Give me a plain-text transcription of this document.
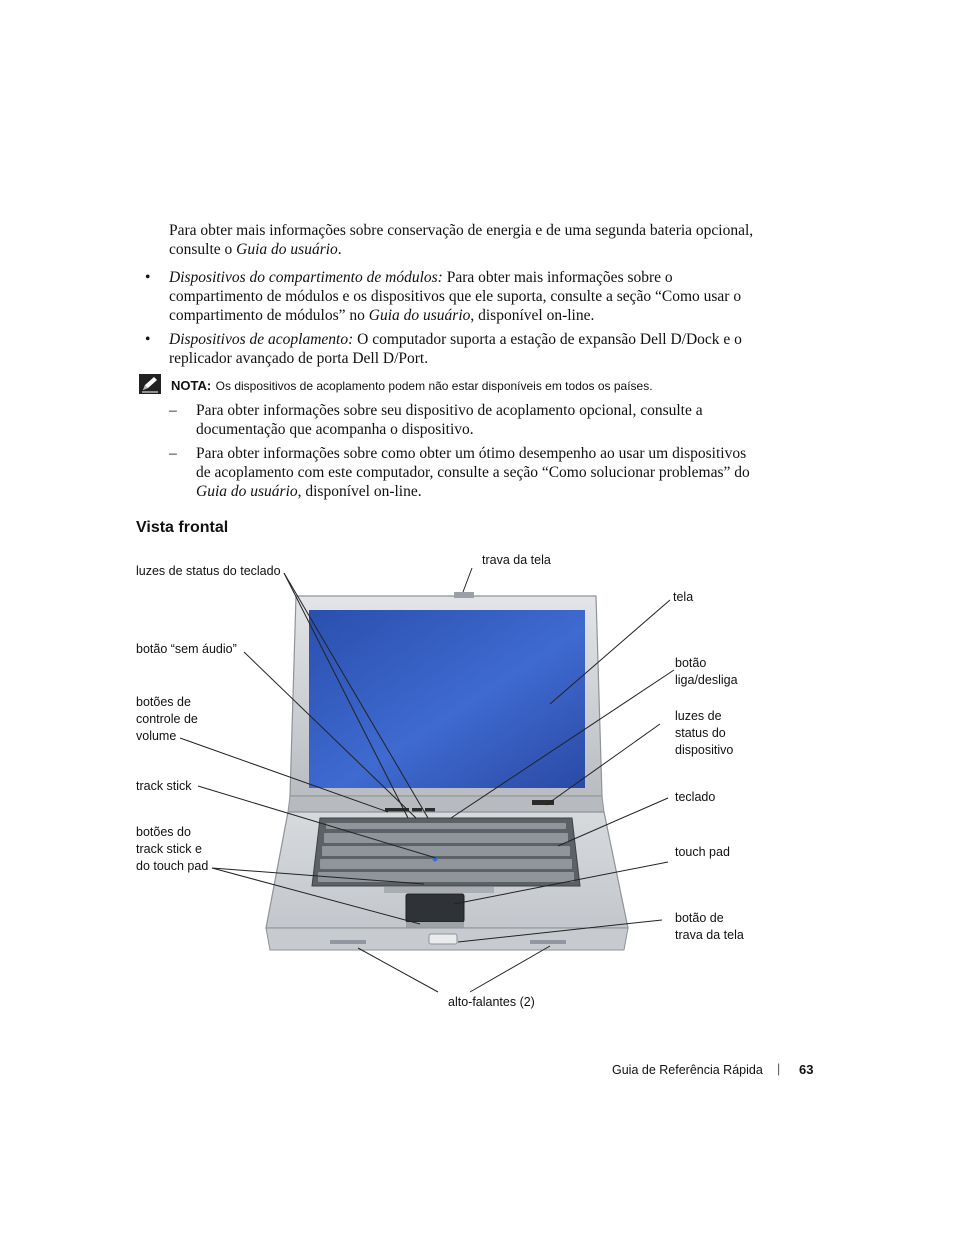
Para obter mais informações sobre conservação de energia e de uma segunda bateria opcional,
consulte o Guia do usuário.
• Dispositivos do compartimento de módulos: Para obter mais informações sobre o
compartimento de módulos e os dispositivos que ele suporta, consulte a seção “Como usar o
compartimento de módulos” no Guia do usuário, disponível on-line.
• Dispositivos de acoplamento: O computador suporta a estação de expansão Dell D/Dock e o
replicador avançado de porta Dell D/Port.
NOTA: Os dispositivos de acoplamento podem não estar disponíveis em todos os países.
– Para obter informações sobre seu dispositivo de acoplamento opcional, consulte a
documentação que acompanha o dispositivo.
– Para obter informações sobre como obter um ótimo desempenho ao usar um dispositivos
de acoplamento com este computador, consulte a seção “Como solucionar problemas” do
Guia do usuário, disponível on-line.
Vista frontal
luzes de status do teclado
trava da tela
tela
botão “sem áudio”
botão
liga/desliga
botões de
controle de
volume
luzes de
status do
dispositivo
track stick
teclado
botões do
track stick e
do touch pad
touch pad
botão de
trava da tela
alto-falantes (2)
Guia de Referência Rápida | 63
